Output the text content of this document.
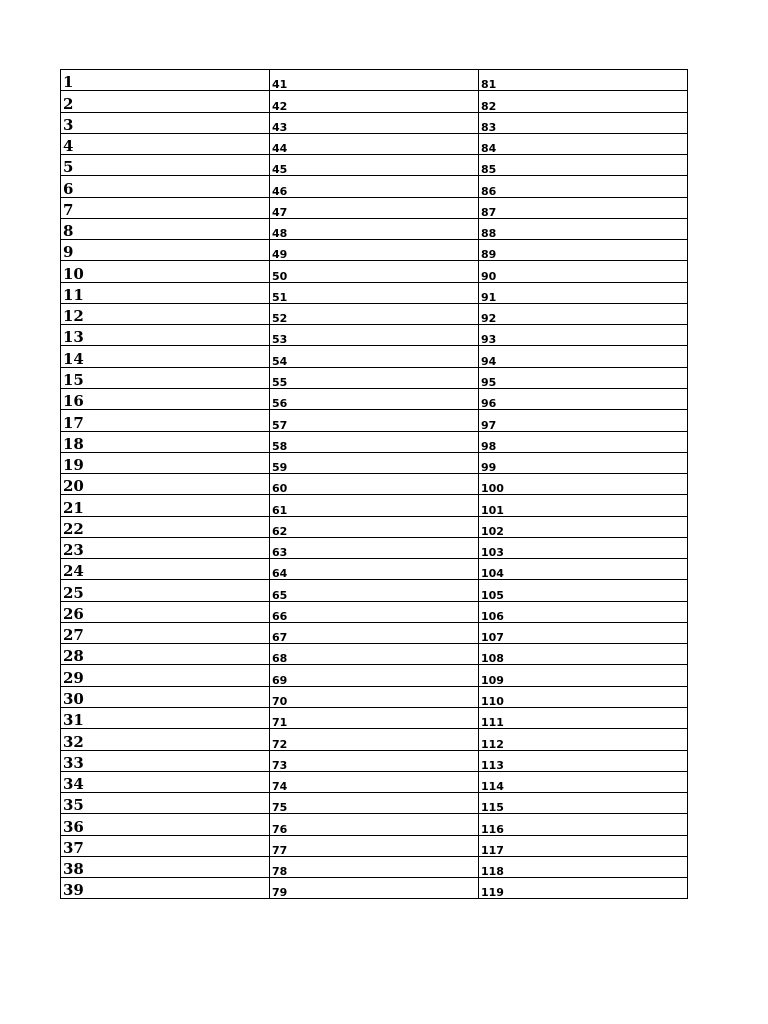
1	41	81
2	42	82
3	43	83
4	44	84
5	45	85
6	46	86
7	47	87
8	48	88
9	49	89
10	50	90
11	51	91
12	52	92
13	53	93
14	54	94
15	55	95
16	56	96
17	57	97
18	58	98
19	59	99
20	60	100
21	61	101
22	62	102
23	63	103
24	64	104
25	65	105
26	66	106
27	67	107
28	68	108
29	69	109
30	70	110
31	71	111
32	72	112
33	73	113
34	74	114
35	75	115
36	76	116
37	77	117
38	78	118
39	79	119
